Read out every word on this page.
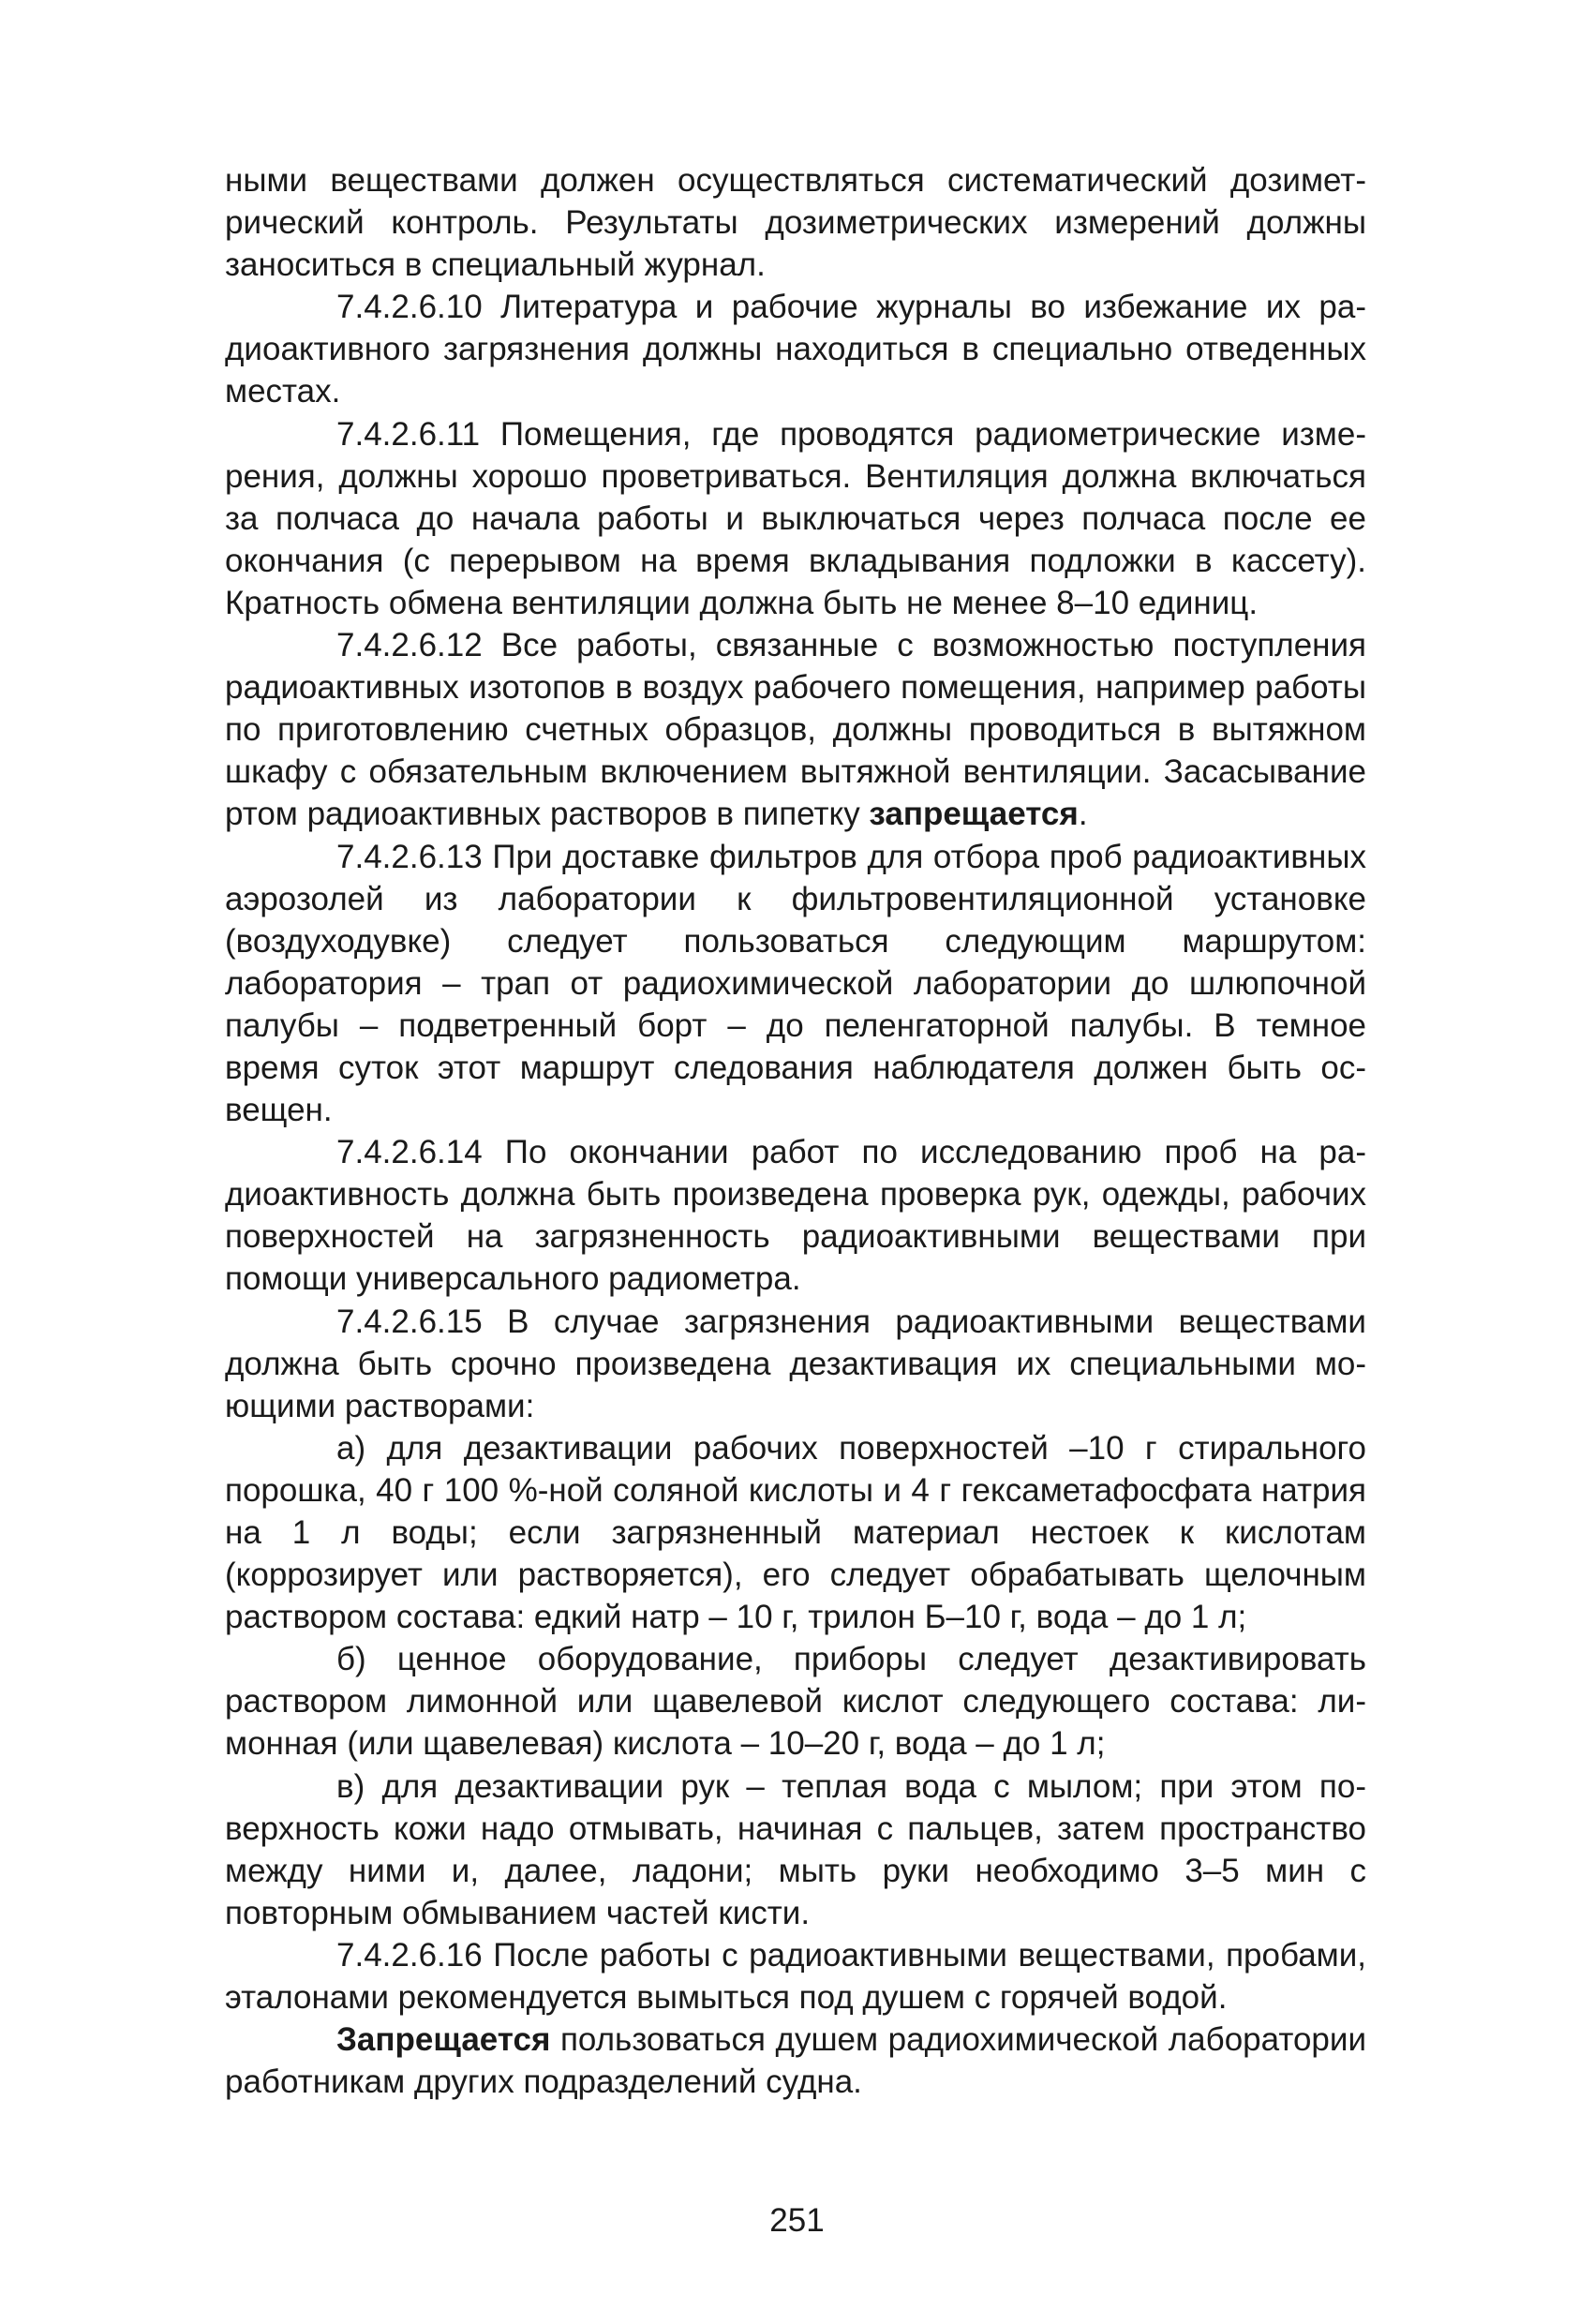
ными веществами должен осуществляться систематический дозиметрический контроль. Результаты дозиметрических измерений должны заноситься в специальный журнал.

7.4.2.6.10 Литература и рабочие журналы во избежание их радиоактивного загрязнения должны находиться в специально отведенных местах.

7.4.2.6.11 Помещения, где проводятся радиометрические измерения, должны хорошо проветриваться. Вентиляция должна включаться за полчаса до начала работы и выключаться через полчаса после ее окончания (с перерывом на время вкладывания подложки в кассету). Кратность обмена вентиляции должна быть не менее 8–10 единиц.

7.4.2.6.12 Все работы, связанные с возможностью поступления радиоактивных изотопов в воздух рабочего помещения, например работы по приготовлению счетных образцов, должны проводиться в вытяжном шкафу с обязательным включением вытяжной вентиляции. Засасывание ртом радиоактивных растворов в пипетку запрещается.

7.4.2.6.13 При доставке фильтров для отбора проб радиоактивных аэрозолей из лаборатории к фильтровентиляционной установке (воздуходувке) следует пользоваться следующим маршрутом: лаборатория – трап от радиохимической лаборатории до шлюпочной палубы – подветренный борт – до пеленгаторной палубы. В темное время суток этот маршрут следования наблюдателя должен быть освещен.

7.4.2.6.14 По окончании работ по исследованию проб на радиоактивность должна быть произведена проверка рук, одежды, рабочих поверхностей на загрязненность радиоактивными веществами при помощи универсального радиометра.

7.4.2.6.15 В случае загрязнения радиоактивными веществами должна быть срочно произведена дезактивация их специальными моющими растворами:

а) для дезактивации рабочих поверхностей –10 г стирального порошка, 40 г 100 %-ной соляной кислоты и 4 г гексаметафосфата натрия на 1 л воды; если загрязненный материал нестоек к кислотам (коррозирует или растворяется), его следует обрабатывать щелочным раствором состава: едкий натр – 10 г, трилон Б–10 г, вода – до 1 л;

б) ценное оборудование, приборы следует дезактивировать раствором лимонной или щавелевой кислот следующего состава: лимонная (или щавелевая) кислота – 10–20 г, вода – до 1 л;

в) для дезактивации рук – теплая вода с мылом; при этом поверхность кожи надо отмывать, начиная с пальцев, затем пространство между ними и, далее, ладони; мыть руки необходимо 3–5 мин с повторным обмыванием частей кисти.

7.4.2.6.16 После работы с радиоактивными веществами, пробами, эталонами рекомендуется вымыться под душем с горячей водой.

Запрещается пользоваться душем радиохимической лаборатории работникам других подразделений судна.

251
